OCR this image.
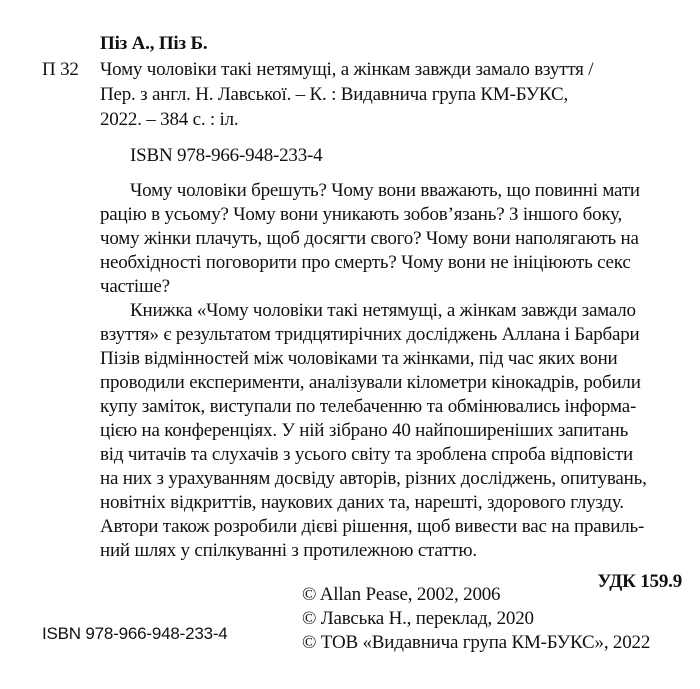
Піз А., Піз Б.
П 32 Чому чоловіки такі нетямущі, а жінкам завжди замало взуття /
Пер. з англ. Н. Лавської. – К. : Видавнича група КМ-БУКС,
2022. – 384 с. : іл.
ISBN 978-966-948-233-4
Чому чоловіки брешуть? Чому вони вважають, що повинні мати
рацію в усьому? Чому вони уникають зобов’язань? З іншого боку,
чому жінки плачуть, щоб досягти свого? Чому вони наполягають на
необхідності поговорити про смерть? Чому вони не ініціюють секс
частіше?
Книжка «Чому чоловіки такі нетямущі, а жінкам завжди замало
взуття» є результатом тридцятирічних досліджень Аллана і Барбари
Пізів відмінностей між чоловіками та жінками, під час яких вони
проводили експерименти, аналізували кілометри кінокадрів, робили
купу заміток, виступали по телебаченню та обмінювались інформа-
цією на конференціях. У ній зібрано 40 найпоширеніших запитань
від читачів та слухачів з усього світу та зроблена спроба відповісти
на них з урахуванням досвіду авторів, різних досліджень, опитувань,
новітніх відкриттів, наукових даних та, нарешті, здорового глузду.
Автори також розробили дієві рішення, щоб вивести вас на правиль-
ний шлях у спілкуванні з протилежною статтю.
УДК 159.9
ISBN 978-966-948-233-4
© Allan Pease, 2002, 2006
© Лавська Н., переклад, 2020
© ТОВ «Видавнича група КМ-БУКС», 2022
